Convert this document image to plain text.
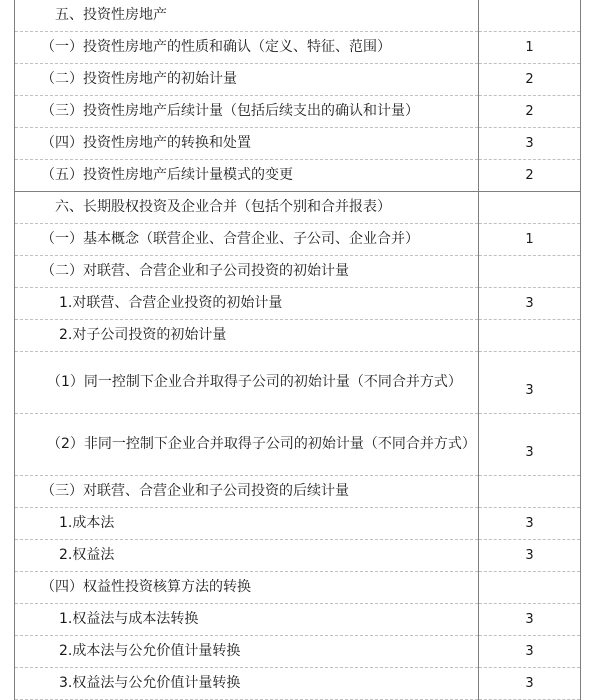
五、投资性房地产	

（一）投资性房地产的性质和确认（定义、特征、范围）	1

（二）投资性房地产的初始计量	2

（三）投资性房地产后续计量（包括后续支出的确认和计量）	2

（四）投资性房地产的转换和处置	3

（五）投资性房地产后续计量模式的变更	2

六、长期股权投资及企业合并（包括个别和合并报表）	

（一）基本概念（联营企业、合营企业、子公司、企业合并）	1

（二）对联营、合营企业和子公司投资的初始计量	

1.对联营、合营企业投资的初始计量	3

2.对子公司投资的初始计量	

（1）同一控制下企业合并取得子公司的初始计量（不同合并方式）	3

（2）非同一控制下企业合并取得子公司的初始计量（不同合并方式）	3

（三）对联营、合营企业和子公司投资的后续计量	

1.成本法	3

2.权益法	3

（四）权益性投资核算方法的转换	

1.权益法与成本法转换	3

2.成本法与公允价值计量转换	3

3.权益法与公允价值计量转换	3
